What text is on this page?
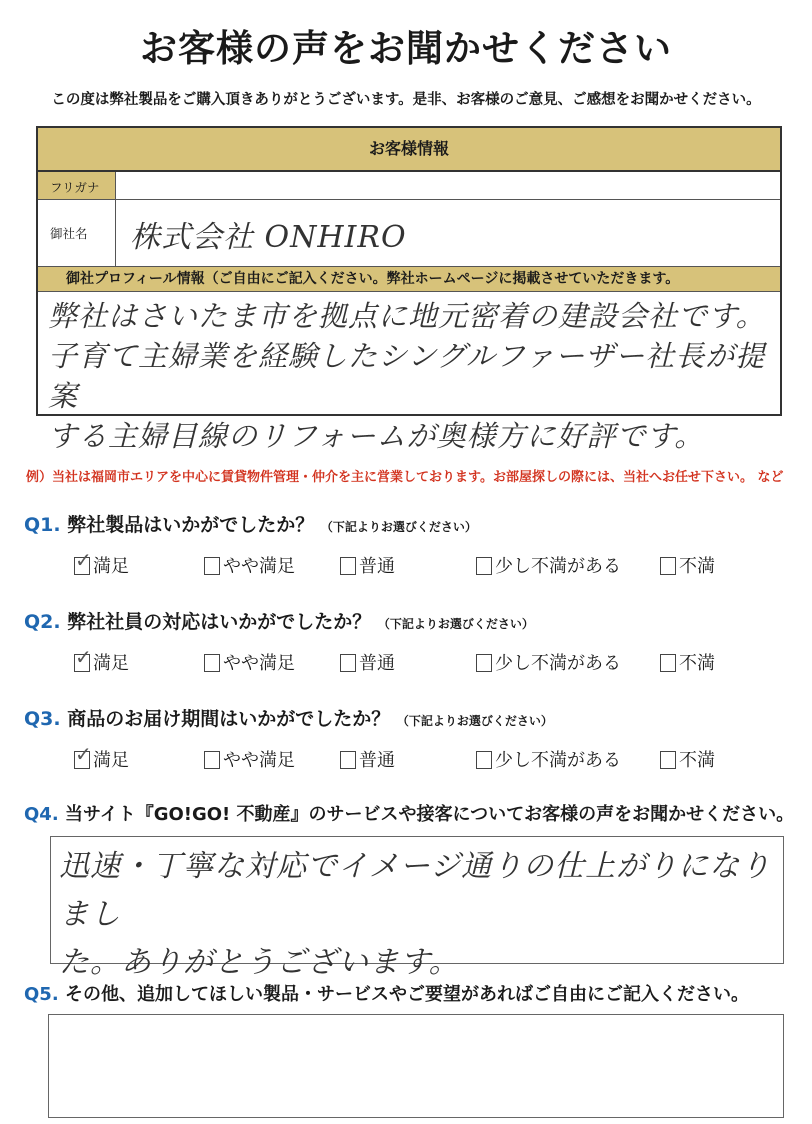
お客様の声をお聞かせください
この度は弊社製品をご購入頂きありがとうございます。是非、お客様のご意見、ご感想をお聞かせください。
お客様情報
フリガナ
御社名 株式会社 ONHIRO
御社プロフィール情報（ご自由にご記入ください。弊社ホームページに掲載させていただきます。
弊社はさいたま市を拠点に地元密着の建設会社です。
子育て主婦業を経験したシングルファーザー社長が提案
する主婦目線のリフォームが奥様方に好評です。
例）当社は福岡市エリアを中心に賃貸物件管理・仲介を主に営業しております。お部屋探しの際には、当社へお任せ下さい。 など
Q1. 弊社製品はいかがでしたか？ （下記よりお選びください）
✓ 満足	やや満足	普通	少し不満がある	不満
Q2. 弊社社員の対応はいかがでしたか？ （下記よりお選びください）
✓ 満足	やや満足	普通	少し不満がある	不満
Q3. 商品のお届け期間はいかがでしたか？ （下記よりお選びください）
✓ 満足	やや満足	普通	少し不満がある	不満
Q4. 当サイト『GO!GO! 不動産』のサービスや接客についてお客様の声をお聞かせください。
迅速・丁寧な対応でイメージ通りの仕上がりになりまし
た。ありがとうございます。
Q5. その他、追加してほしい製品・サービスやご要望があればご自由にご記入ください。
